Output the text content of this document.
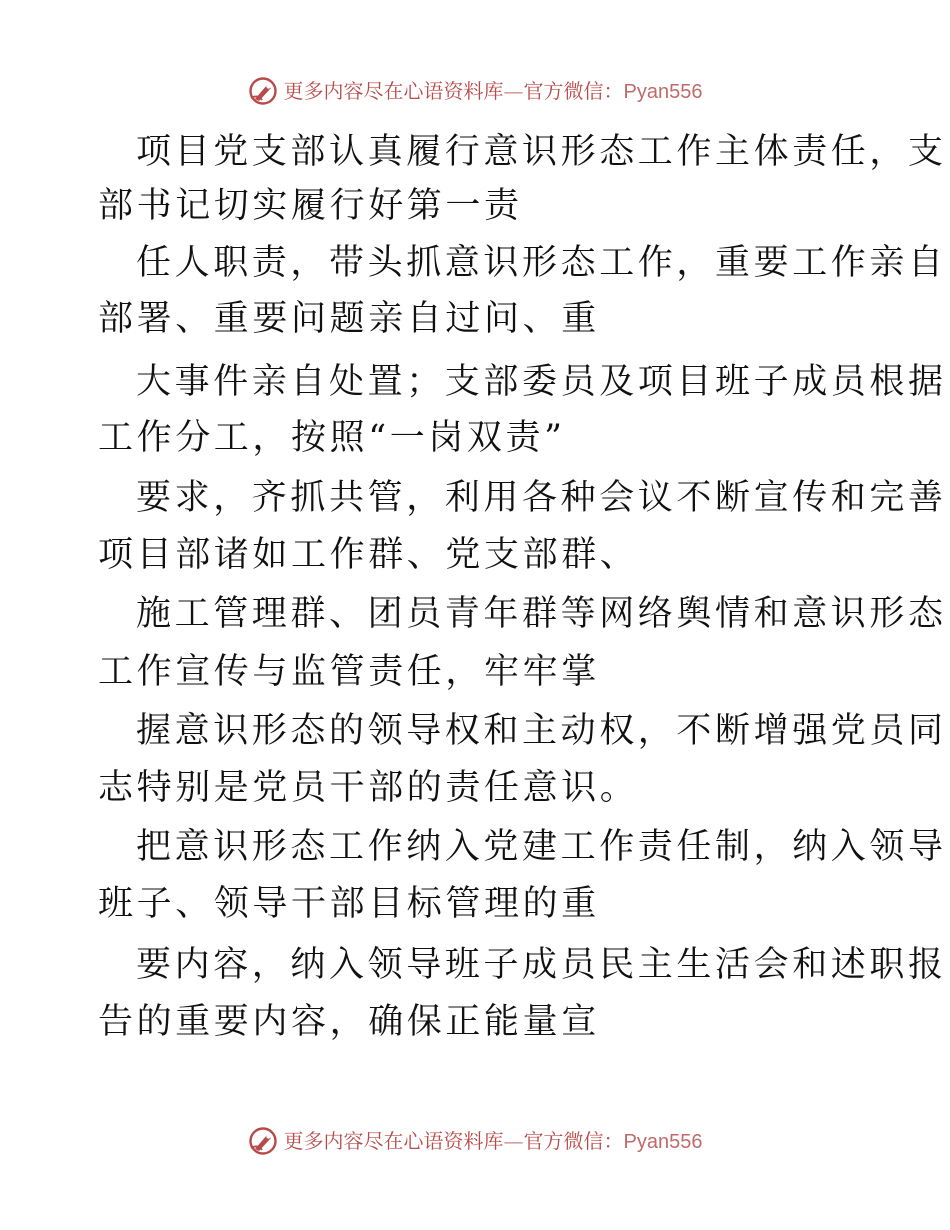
更多内容尽在心语资料库—官方微信：Pyan556
项目党支部认真履行意识形态工作主体责任，支
部书记切实履行好第一责
任人职责，带头抓意识形态工作，重要工作亲自
部署、重要问题亲自过问、重
大事件亲自处置；支部委员及项目班子成员根据
工作分工，按照“一岗双责”
要求，齐抓共管，利用各种会议不断宣传和完善
项目部诸如工作群、党支部群、
施工管理群、团员青年群等网络舆情和意识形态
工作宣传与监管责任，牢牢掌
握意识形态的领导权和主动权，不断增强党员同
志特别是党员干部的责任意识。
把意识形态工作纳入党建工作责任制，纳入领导
班子、领导干部目标管理的重
要内容，纳入领导班子成员民主生活会和述职报
告的重要内容，确保正能量宣
更多内容尽在心语资料库—官方微信：Pyan556
